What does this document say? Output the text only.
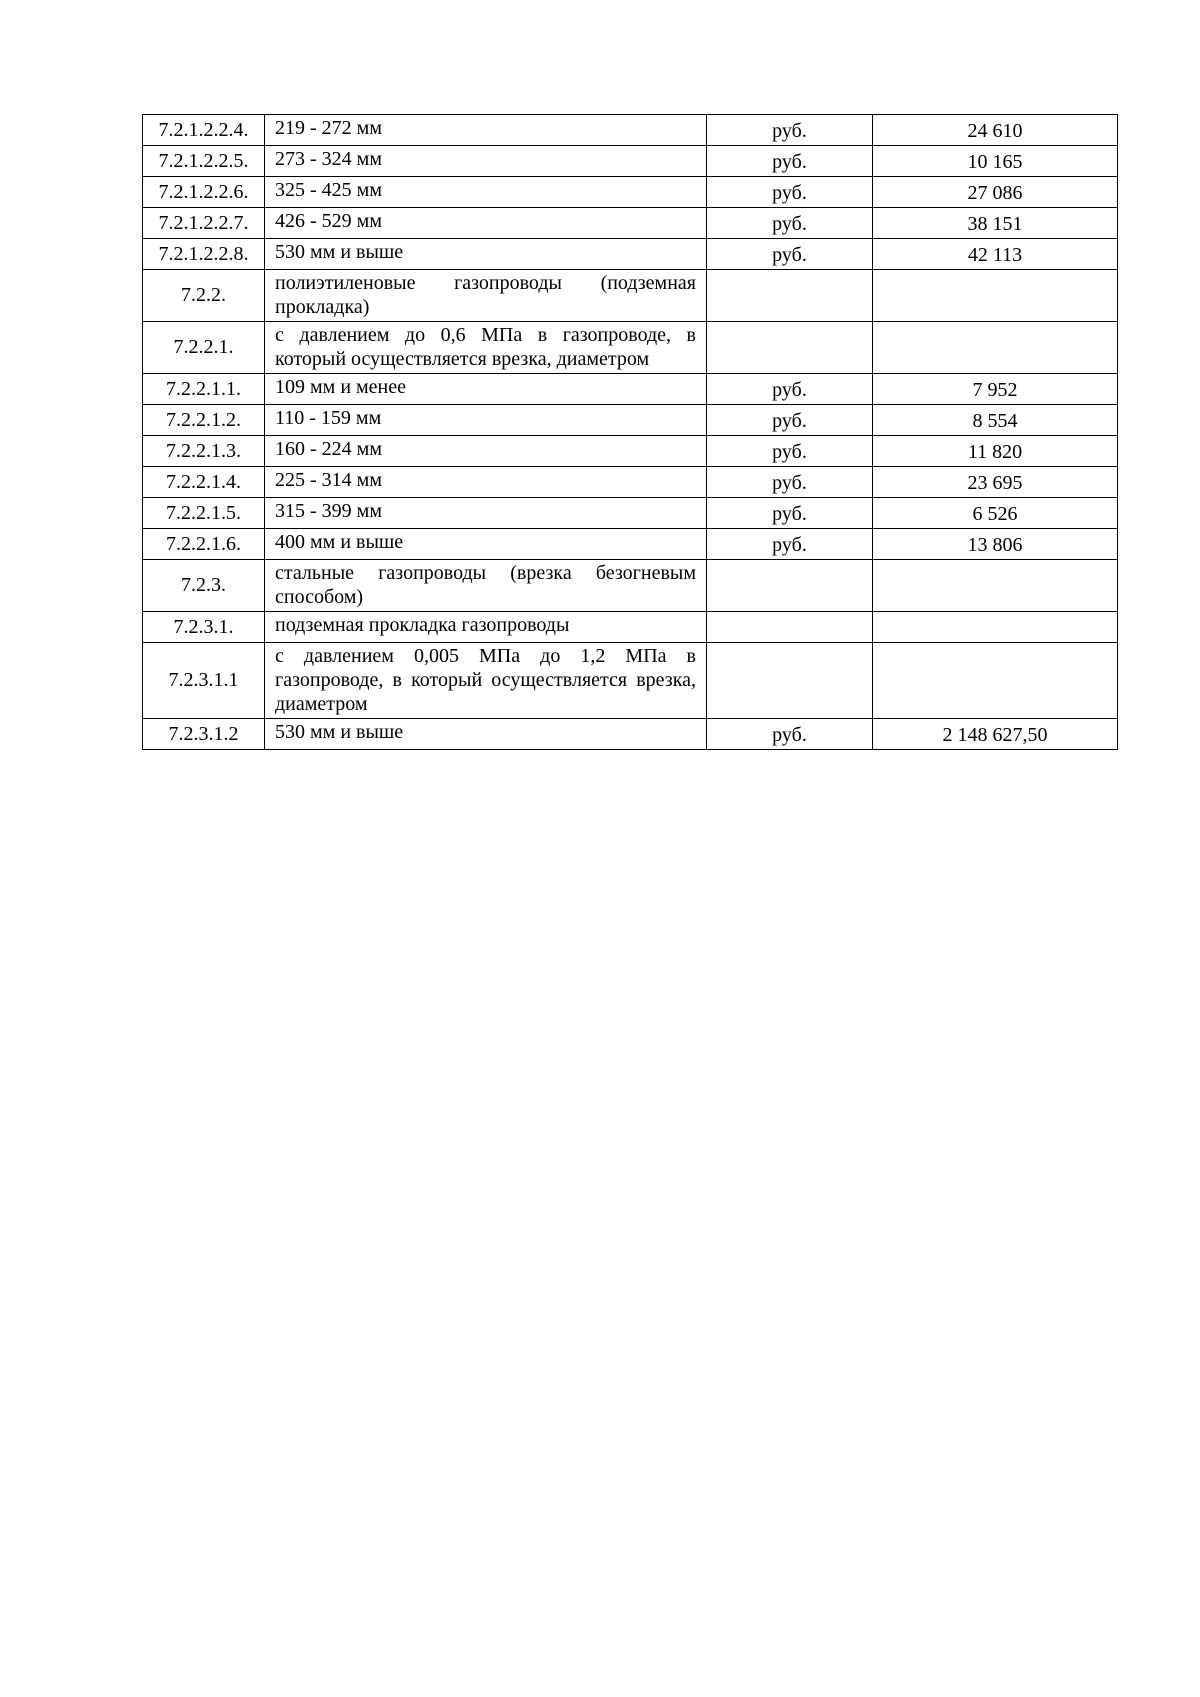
7.2.1.2.2.4.	219 - 272 мм	руб.	24 610
7.2.1.2.2.5.	273 - 324 мм	руб.	10 165
7.2.1.2.2.6.	325 - 425 мм	руб.	27 086
7.2.1.2.2.7.	426 - 529 мм	руб.	38 151
7.2.1.2.2.8.	530 мм и выше	руб.	42 113
7.2.2.	полиэтиленовые газопроводы (подземная прокладка)		
7.2.2.1.	с давлением до 0,6 МПа в газопроводе, в который осуществляется врезка, диаметром		
7.2.2.1.1.	109 мм и менее	руб.	7 952
7.2.2.1.2.	110 - 159 мм	руб.	8 554
7.2.2.1.3.	160 - 224 мм	руб.	11 820
7.2.2.1.4.	225 - 314 мм	руб.	23 695
7.2.2.1.5.	315 - 399 мм	руб.	6 526
7.2.2.1.6.	400 мм и выше	руб.	13 806
7.2.3.	стальные газопроводы (врезка безогневым способом)		
7.2.3.1.	подземная прокладка газопроводы		
7.2.3.1.1	с давлением 0,005 МПа до 1,2 МПа в газопроводе, в который осуществляется врезка, диаметром		
7.2.3.1.2	530 мм и выше	руб.	2 148 627,50
